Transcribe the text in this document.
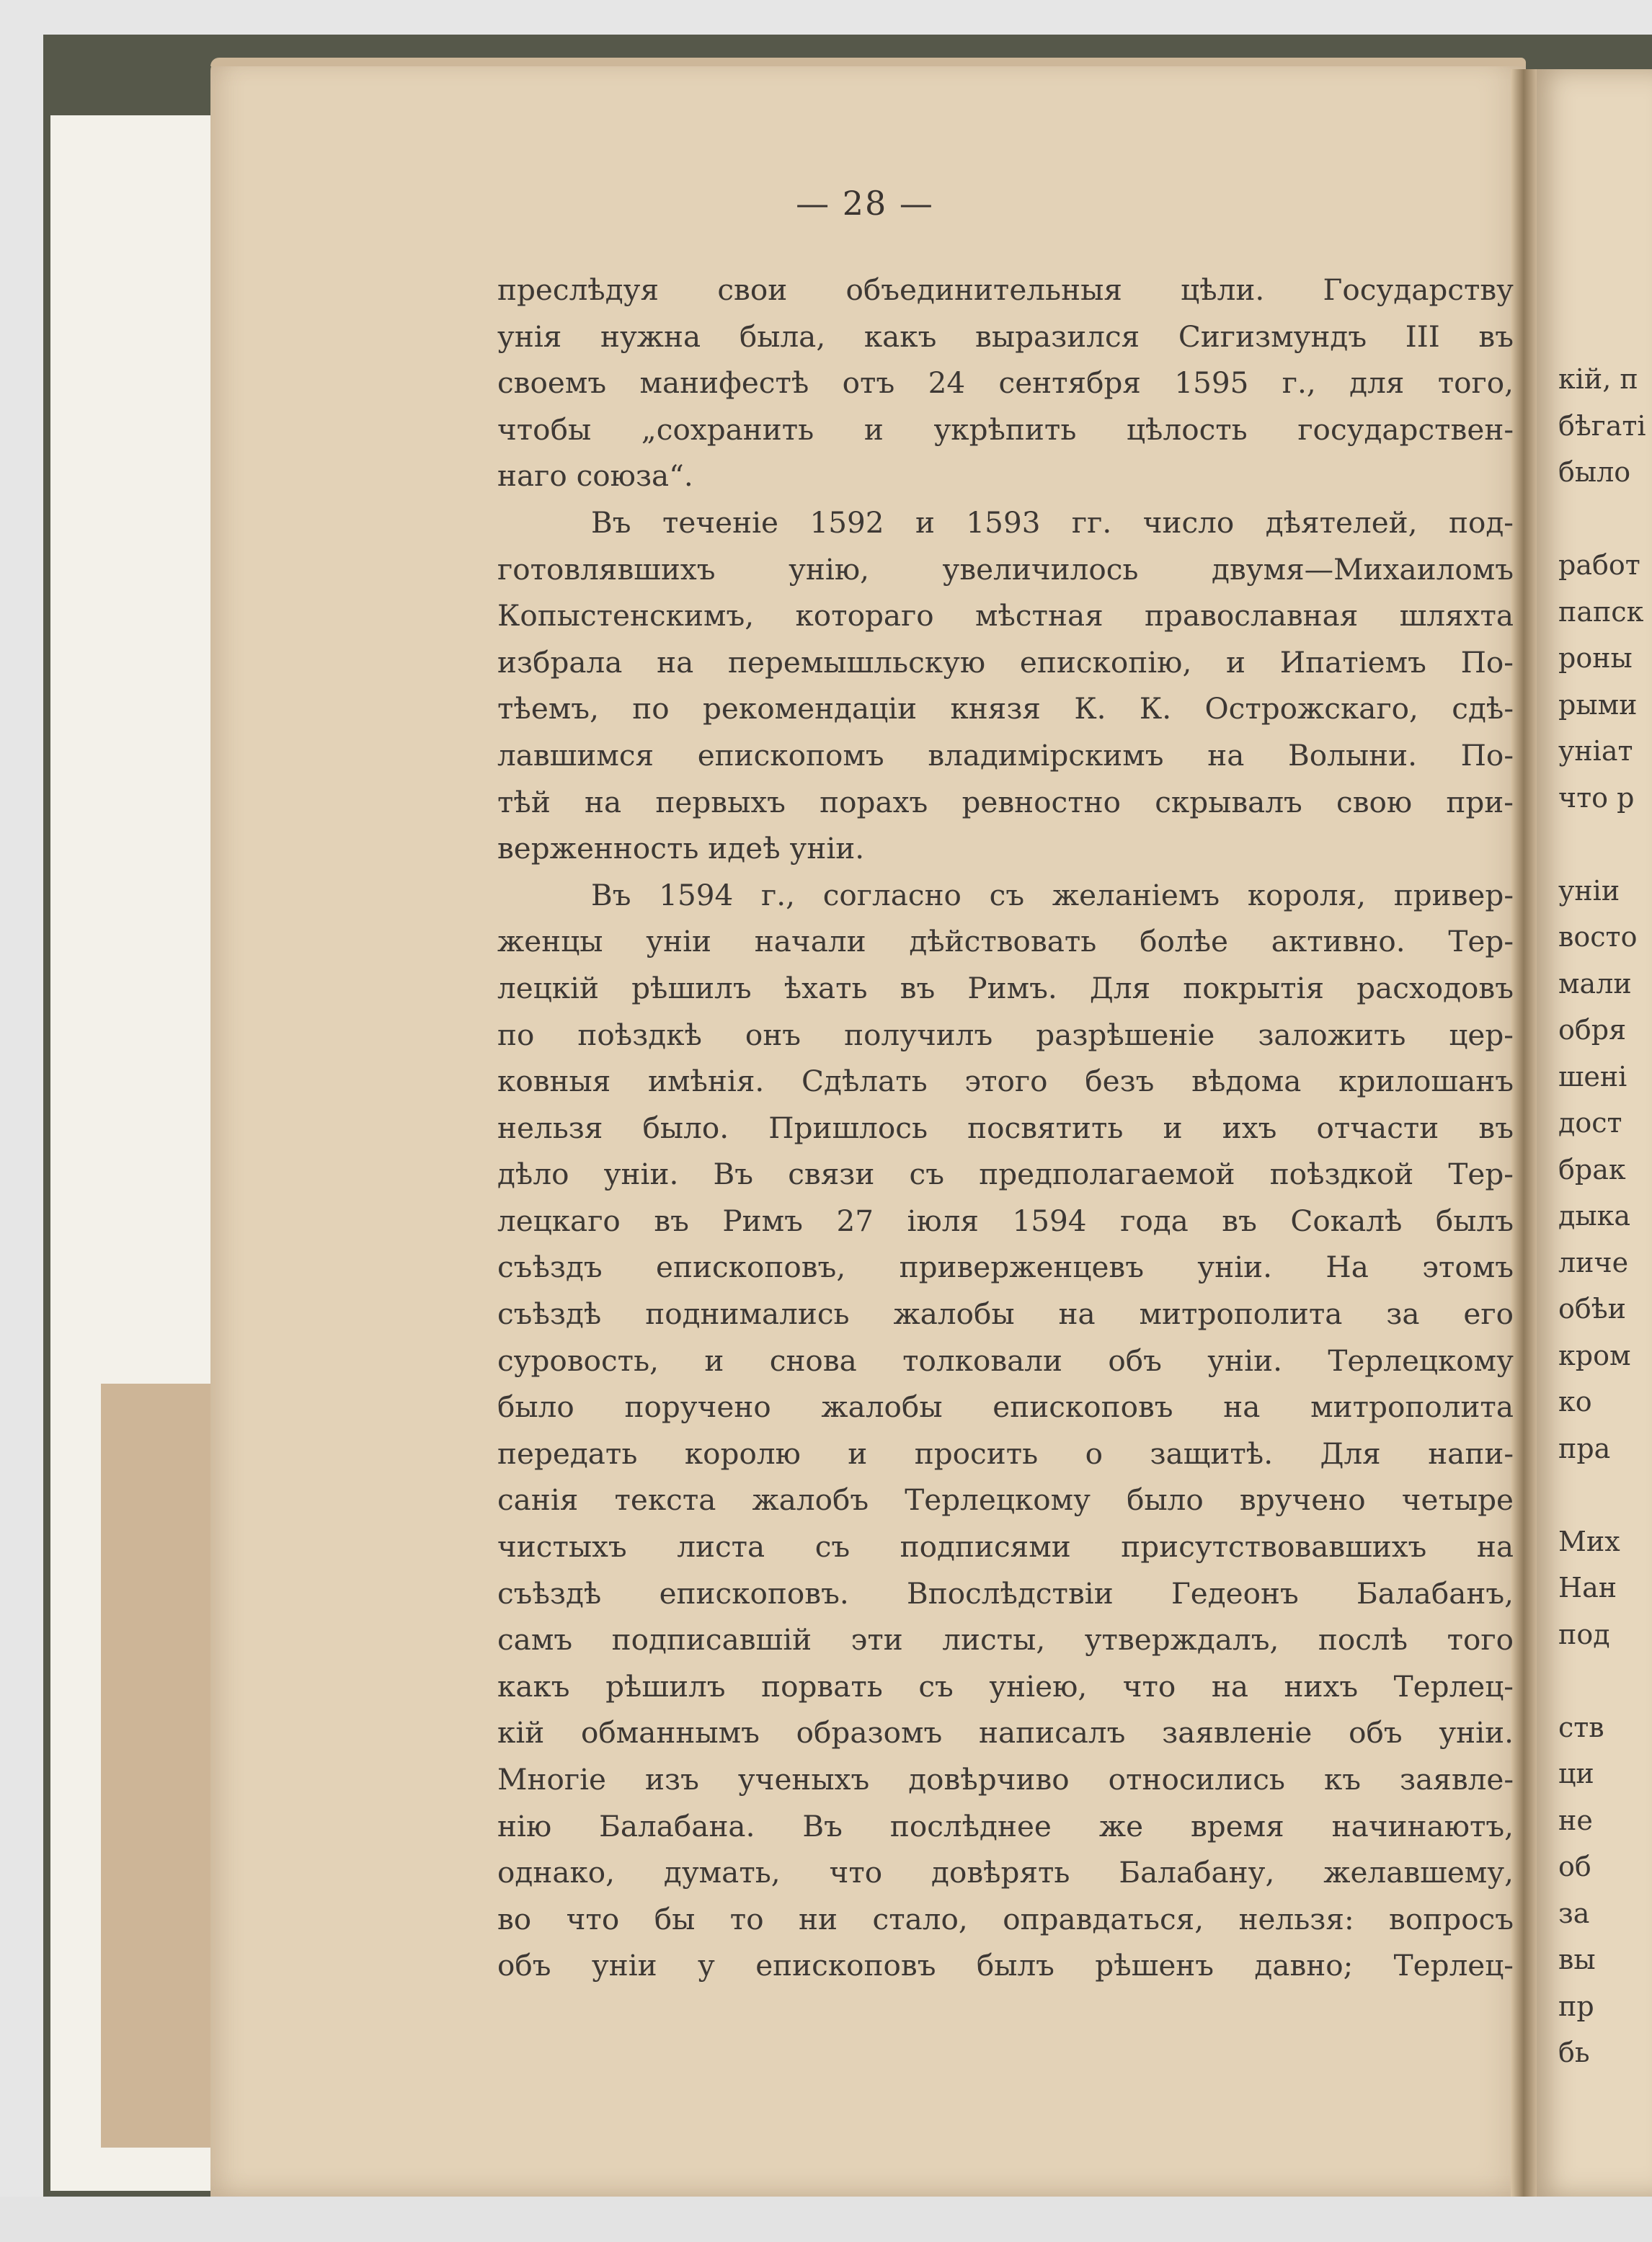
кій, п
бѣгаті
было
работ
папск
роны
рыми
уніат
что р
уніи
восто
мали
обря
шені
дост
брак
дыка
личе
обѣи
кром
ко
пра
Мих
Нан
под
ств
ци
не
об
за
вы
пр
бь
— 28 —

преслѣдуя свои объединительныя цѣли. Государству

унія нужна была, какъ выразился Сигизмундъ III въ

своемъ манифестѣ отъ 24 сентября 1595 г., для того,

чтобы „сохранить и укрѣпить цѣлость государствен-

наго союза“.

Въ теченіе 1592 и 1593 гг. число дѣятелей, под-

готовлявшихъ унію, увеличилось двумя—Михаиломъ

Копыстенскимъ, котораго мѣстная православная шляхта

избрала на перемышльскую епископію, и Ипатіемъ По-

тѣемъ, по рекомендаціи князя К. К. Острожскаго, сдѣ-

лавшимся епископомъ владимірскимъ на Волыни. По-

тѣй на первыхъ порахъ ревностно скрывалъ свою при-

верженность идеѣ уніи.

Въ 1594 г., согласно съ желаніемъ короля, привер-

женцы уніи начали дѣйствовать болѣе активно. Тер-

лецкій рѣшилъ ѣхать въ Римъ. Для покрытія расходовъ

по поѣздкѣ онъ получилъ разрѣшеніе заложить цер-

ковныя имѣнія. Сдѣлать этого безъ вѣдома крилошанъ

нельзя было. Пришлось посвятить и ихъ отчасти въ

дѣло уніи. Въ связи съ предполагаемой поѣздкой Тер-

лецкаго въ Римъ 27 іюля 1594 года въ Сокалѣ былъ

съѣздъ епископовъ, приверженцевъ уніи. На этомъ

съѣздѣ поднимались жалобы на митрополита за его

суровость, и снова толковали объ уніи. Терлецкому

было поручено жалобы епископовъ на митрополита

передать королю и просить о защитѣ. Для напи-

санія текста жалобъ Терлецкому было вручено четыре

чистыхъ листа съ подписями присутствовавшихъ на

съѣздѣ епископовъ. Впослѣдствіи Гедеонъ Балабанъ,

самъ подписавшій эти листы, утверждалъ, послѣ того

какъ рѣшилъ порвать съ уніею, что на нихъ Терлец-

кій обманнымъ образомъ написалъ заявленіе объ уніи.

Многіе изъ ученыхъ довѣрчиво относились къ заявле-

нію Балабана. Въ послѣднее же время начинаютъ,

однако, думать, что довѣрять Балабану, желавшему,

во что бы то ни стало, оправдаться, нельзя: вопросъ

объ уніи у епископовъ былъ рѣшенъ давно; Терлец-
